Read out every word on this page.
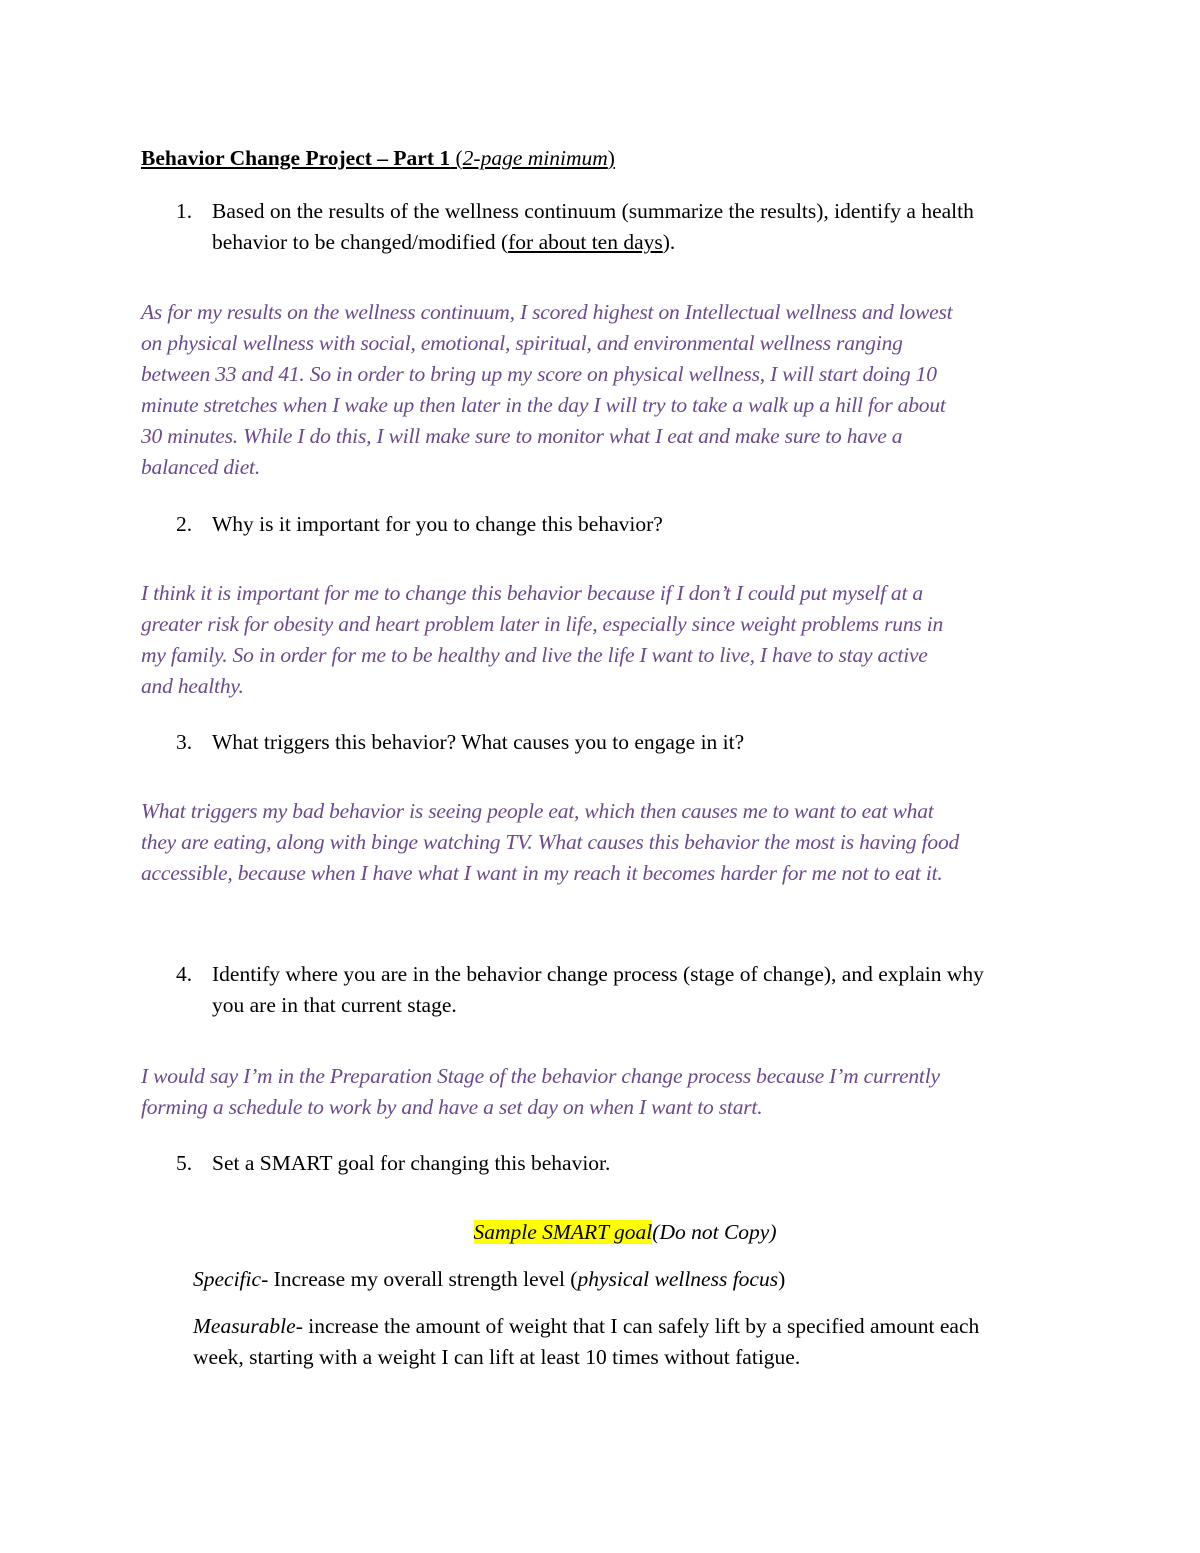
Behavior Change Project – Part 1 (2-page minimum)
1. Based on the results of the wellness continuum (summarize the results), identify a health
behavior to be changed/modified (for about ten days).
As for my results on the wellness continuum, I scored highest on Intellectual wellness and lowest
on physical wellness with social, emotional, spiritual, and environmental wellness ranging
between 33 and 41. So in order to bring up my score on physical wellness, I will start doing 10
minute stretches when I wake up then later in the day I will try to take a walk up a hill for about
30 minutes. While I do this, I will make sure to monitor what I eat and make sure to have a
balanced diet.
2. Why is it important for you to change this behavior?
I think it is important for me to change this behavior because if I don’t I could put myself at a
greater risk for obesity and heart problem later in life, especially since weight problems runs in
my family. So in order for me to be healthy and live the life I want to live, I have to stay active
and healthy.
3. What triggers this behavior? What causes you to engage in it?
What triggers my bad behavior is seeing people eat, which then causes me to want to eat what
they are eating, along with binge watching TV. What causes this behavior the most is having food
accessible, because when I have what I want in my reach it becomes harder for me not to eat it.
4. Identify where you are in the behavior change process (stage of change), and explain why
you are in that current stage.
I would say I’m in the Preparation Stage of the behavior change process because I’m currently
forming a schedule to work by and have a set day on when I want to start.
5. Set a SMART goal for changing this behavior.
Sample SMART goal(Do not Copy)
Specific- Increase my overall strength level (physical wellness focus)
Measurable- increase the amount of weight that I can safely lift by a specified amount each
week, starting with a weight I can lift at least 10 times without fatigue.
